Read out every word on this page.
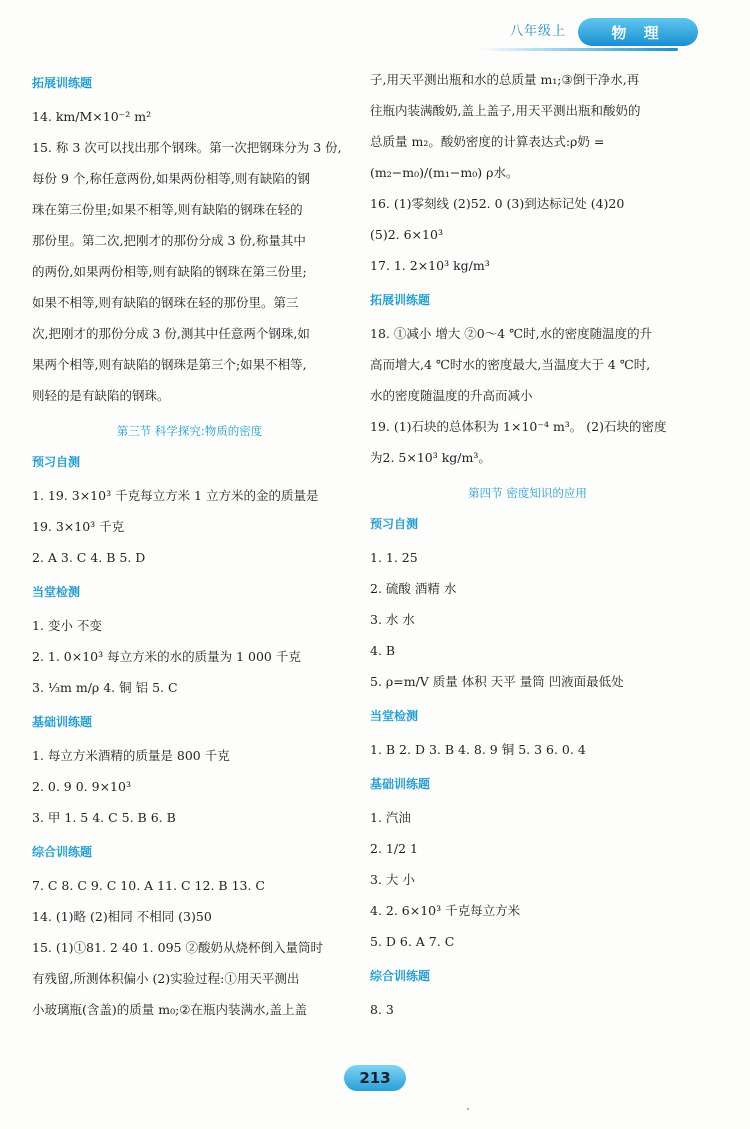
八年级上	物 理
拓展训练题

14. km/M×10⁻² m²

15. 称 3 次可以找出那个钢珠。第一次把钢珠分为 3 份,

每份 9 个,称任意两份,如果两份相等,则有缺陷的钢

珠在第三份里;如果不相等,则有缺陷的钢珠在轻的

那份里。第二次,把刚才的那份分成 3 份,称量其中

的两份,如果两份相等,则有缺陷的钢珠在第三份里;

如果不相等,则有缺陷的钢珠在轻的那份里。第三

次,把刚才的那份分成 3 份,测其中任意两个钢珠,如

果两个相等,则有缺陷的钢珠是第三个;如果不相等,

则轻的是有缺陷的钢珠。

第三节 科学探究:物质的密度
预习自测

1. 19. 3×10³ 千克每立方米 1 立方米的金的质量是

19. 3×10³ 千克

2. A 3. C 4. B 5. D

当堂检测

1. 变小 不变

2. 1. 0×10³ 每立方米的水的质量为 1 000 千克

3. ⅓m m/ρ 4. 铜 铝 5. C

基础训练题

1. 每立方米酒精的质量是 800 千克

2. 0. 9 0. 9×10³

3. 甲 1. 5 4. C 5. B 6. B

综合训练题

7. C 8. C 9. C 10. A 11. C 12. B 13. C

14. (1)略 (2)相同 不相同 (3)50

15. (1)①81. 2 40 1. 095 ②酸奶从烧杯倒入量筒时

有残留,所测体积偏小 (2)实验过程:①用天平测出

小玻璃瓶(含盖)的质量 m₀;②在瓶内装满水,盖上盖

子,用天平测出瓶和水的总质量 m₁;③倒干净水,再

往瓶内装满酸奶,盖上盖子,用天平测出瓶和酸奶的

总质量 m₂。酸奶密度的计算表达式:ρ奶 =

(m₂−m₀)/(m₁−m₀) ρ水。

16. (1)零刻线 (2)52. 0 (3)到达标记处 (4)20

(5)2. 6×10³

17. 1. 2×10³ kg/m³

拓展训练题

18. ①减小 增大 ②0～4 ℃时,水的密度随温度的升

高而增大,4 ℃时水的密度最大,当温度大于 4 ℃时,

水的密度随温度的升高而减小

19. (1)石块的总体积为 1×10⁻⁴ m³。 (2)石块的密度

为2. 5×10³ kg/m³。

第四节 密度知识的应用
预习自测

1. 1. 25

2. 硫酸 酒精 水

3. 水 水

4. B

5. ρ=m/V 质量 体积 天平 量筒 凹液面最低处

当堂检测

1. B 2. D 3. B 4. 8. 9 铜 5. 3 6. 0. 4

基础训练题

1. 汽油

2. 1/2 1

3. 大 小

4. 2. 6×10³ 千克每立方米

5. D 6. A 7. C

综合训练题

8. 3

213
